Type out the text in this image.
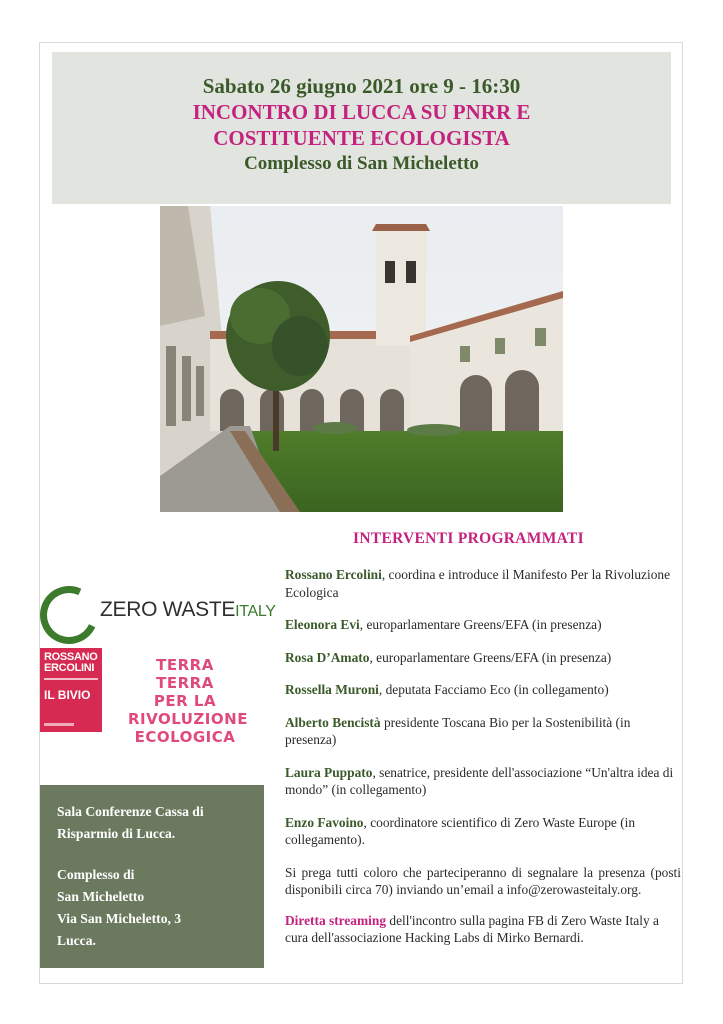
Sabato 26 giugno 2021 ore 9 - 16:30
INCONTRO DI LUCCA SU PNRR E
COSTITUENTE ECOLOGISTA
Complesso di San Micheletto
INTERVENTI PROGRAMMATI

Rossano Ercolini, coordina e introduce il Manifesto Per la Rivoluzione Ecologica

Eleonora Evi, europarlamentare Greens/EFA (in presenza)

Rosa D’Amato, europarlamentare Greens/EFA (in presenza)

Rossella Muroni, deputata Facciamo Eco (in collegamento)

Alberto Bencistà presidente Toscana Bio per la Sostenibilità (in presenza)

Laura Puppato, senatrice, presidente dell'associazione “Un'altra idea di mondo” (in collegamento)

Enzo Favoino, coordinatore scientifico di Zero Waste Europe (in collegamento).

Si prega tutti coloro che parteciperanno di segnalare la presenza (posti disponibili circa 70) inviando un’email a info@zerowasteitaly.org.

Diretta streaming dell'incontro sulla pagina FB di Zero Waste Italy a cura dell'associazione Hacking Labs di Mirko Bernardi.

ZERO WASTEITALY
ROSSANO
ERCOLINI
IL BIVIO
TERRA TERRA
PER LA
RIVOLUZIONE
ECOLOGICA
Sala Conferenze Cassa di Risparmio di Lucca.
Complesso di
San Micheletto
Via San Micheletto, 3
Lucca.
